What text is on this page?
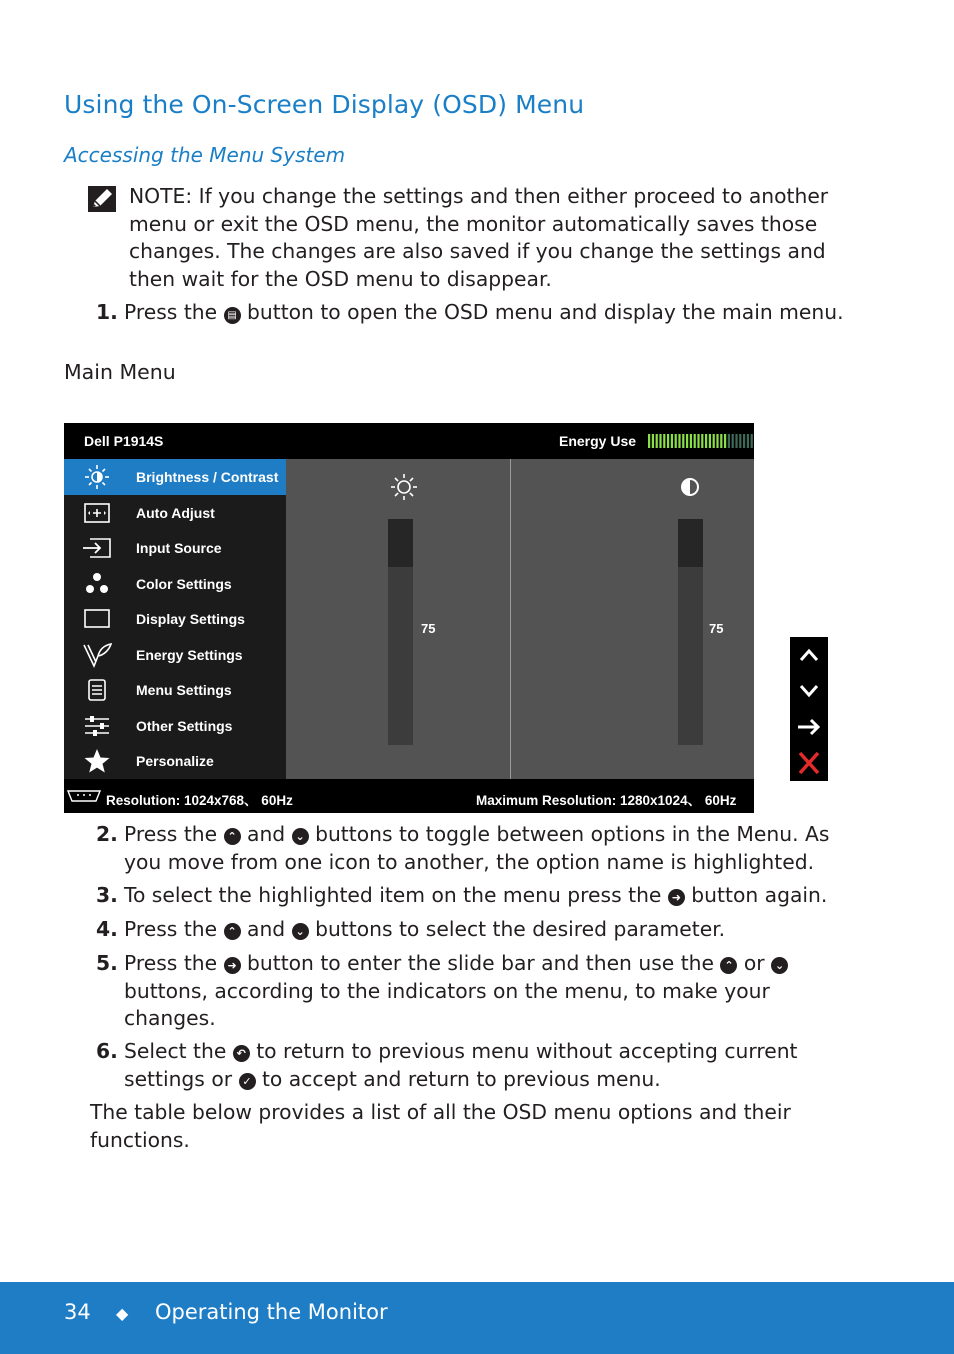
Using the On-Screen Display (OSD) Menu
Accessing the Menu System

NOTE: If you change the settings and then either proceed to another menu or exit the OSD menu, the monitor automatically saves those changes. The changes are also saved if you change the settings and then wait for the OSD menu to disappear.

1. Press the ▤ button to open the OSD menu and display the main menu.
Main Menu
Dell P1914S	Energy Use
Brightness / Contrast
Auto Adjust
Input Source
Color Settings
Display Settings
Energy Settings
Menu Settings
Other Settings
Personalize
75	75
Resolution: 1024x768、 60Hz	Maximum Resolution: 1280x1024、 60Hz
2. Press the ⌃ and ⌄ buttons to toggle between options in the Menu. As you move from one icon to another, the option name is highlighted.
3. To select the highlighted item on the menu press the ➜ button again.
4. Press the ⌃ and ⌄ buttons to select the desired parameter.
5. Press the ➜ button to enter the slide bar and then use the ⌃ or ⌄ buttons, according to the indicators on the menu, to make your changes.
6. Select the ↶ to return to previous menu without accepting current settings or ✓ to accept and return to previous menu.

The table below provides a list of all the OSD menu options and their functions.

34 ◆ Operating the Monitor
